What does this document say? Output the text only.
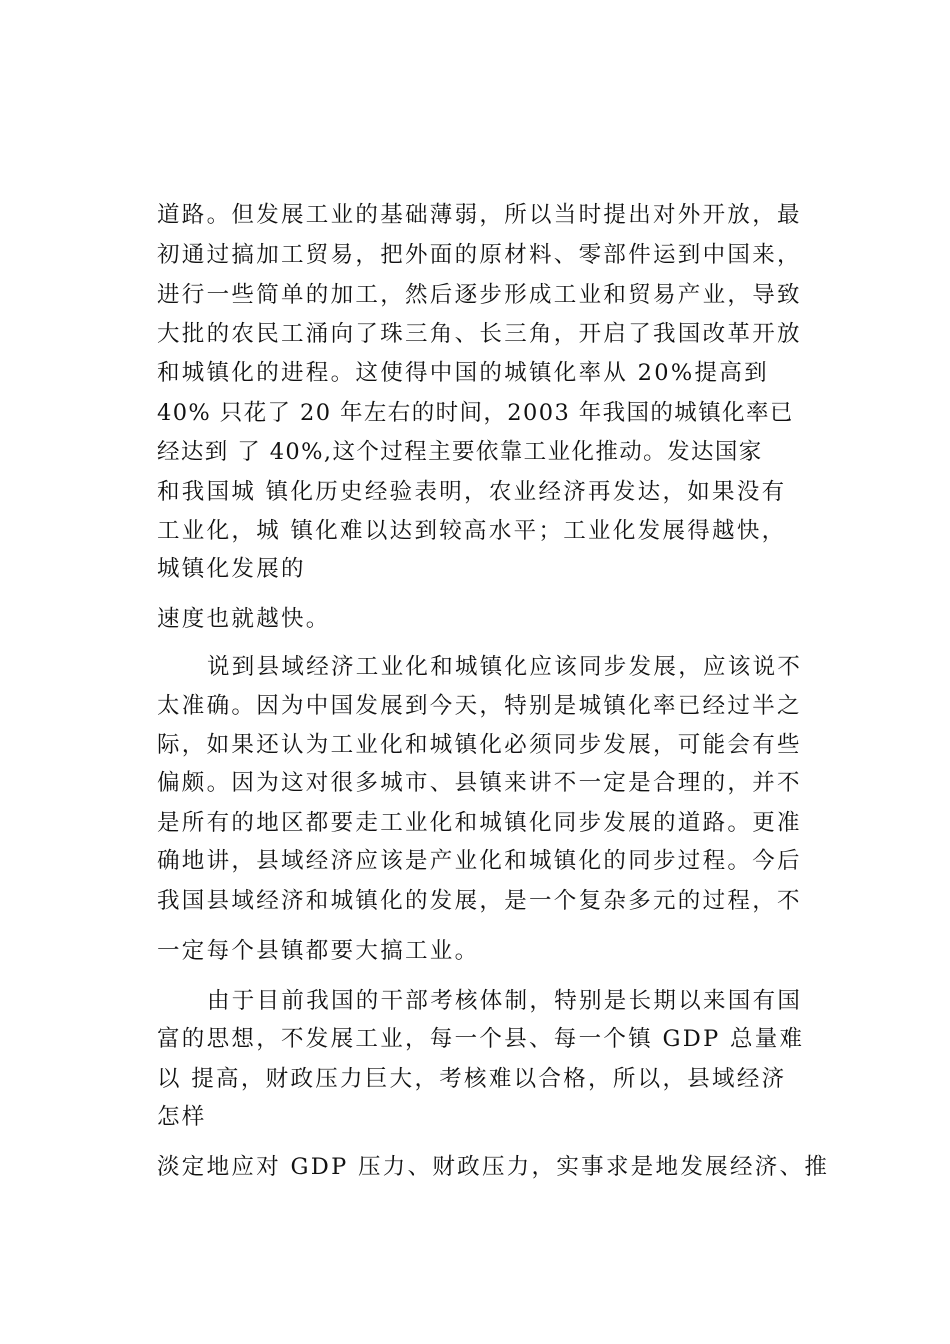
道路。但发展工业的基础薄弱，所以当时提出对外开放，最
初通过搞加工贸易，把外面的原材料、零部件运到中国来，
进行一些简单的加工，然后逐步形成工业和贸易产业，导致
大批的农民工涌向了珠三角、长三角，开启了我国改革开放
和城镇化的进程。这使得中国的城镇化率从 20%提高到
40% 只花了 20 年左右的时间，2003 年我国的城镇化率已
经达到 了 40%,这个过程主要依靠工业化推动。发达国家
和我国城 镇化历史经验表明，农业经济再发达，如果没有
工业化，城 镇化难以达到较高水平；工业化发展得越快，
城镇化发展的
速度也就越快。
说到县域经济工业化和城镇化应该同步发展，应该说不
太准确。因为中国发展到今天，特别是城镇化率已经过半之
际，如果还认为工业化和城镇化必须同步发展，可能会有些
偏颇。因为这对很多城市、县镇来讲不一定是合理的，并不
是所有的地区都要走工业化和城镇化同步发展的道路。更准
确地讲，县域经济应该是产业化和城镇化的同步过程。今后
我国县域经济和城镇化的发展，是一个复杂多元的过程，不
一定每个县镇都要大搞工业。
由于目前我国的干部考核体制，特别是长期以来国有国
富的思想，不发展工业，每一个县、每一个镇 GDP 总量难
以 提高，财政压力巨大，考核难以合格，所以，县域经济
怎样
淡定地应对 GDP 压力、财政压力，实事求是地发展经济、推
